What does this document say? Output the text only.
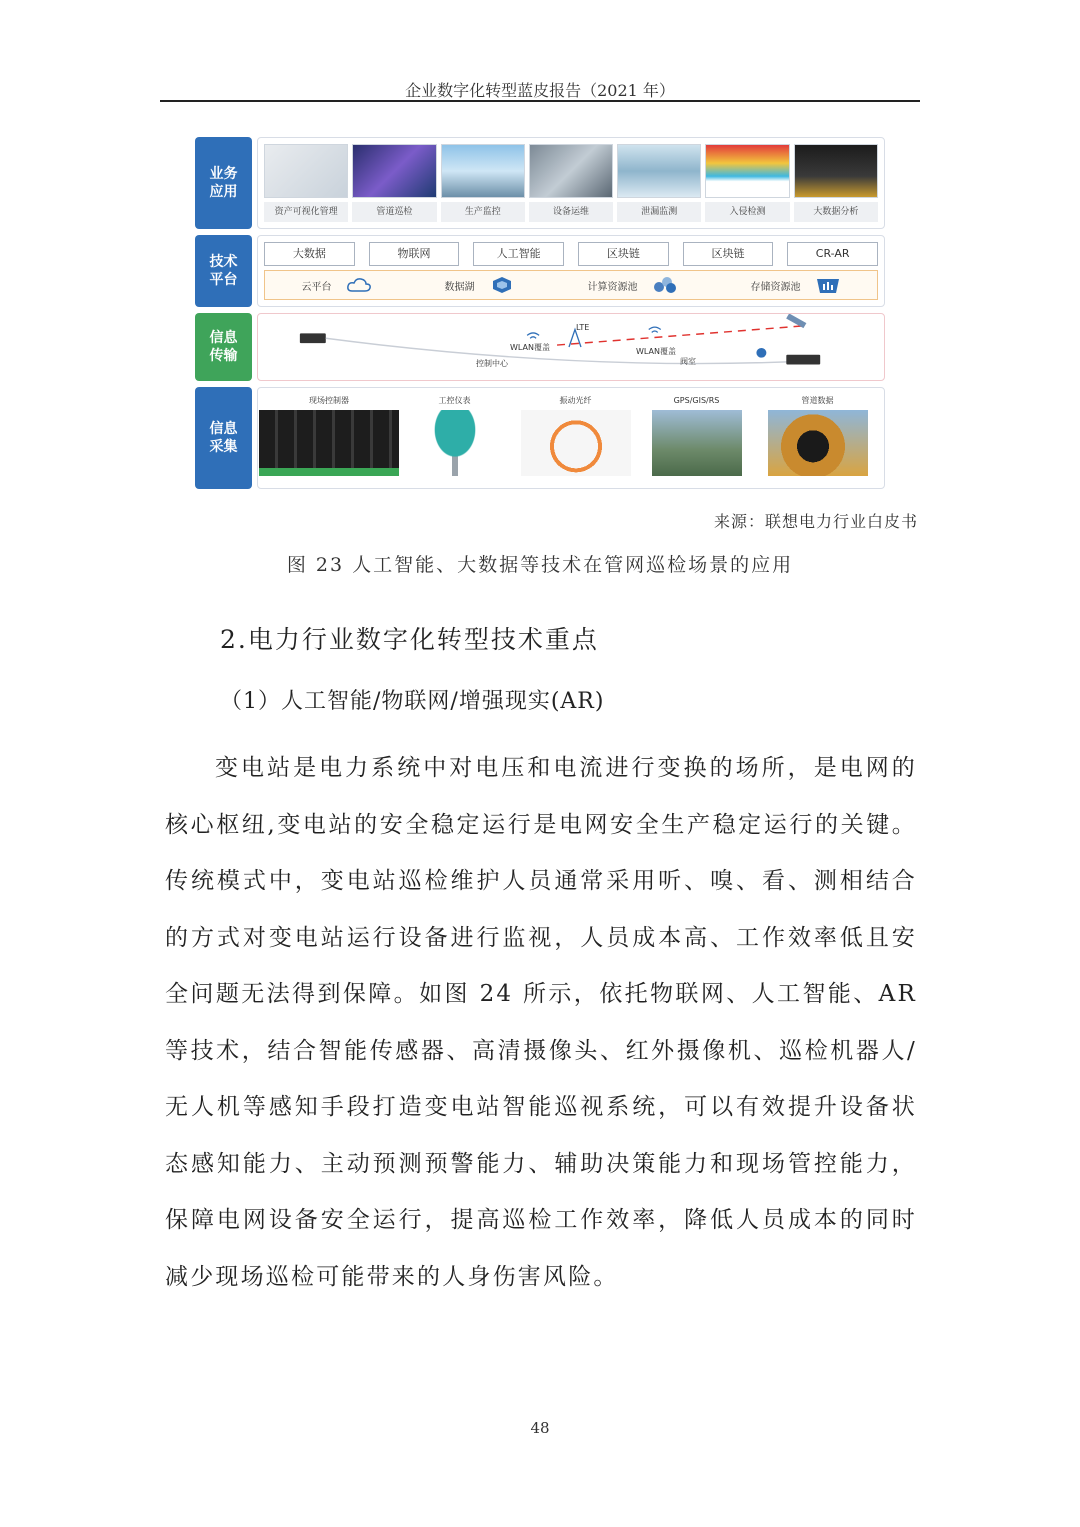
企业数字化转型蓝皮报告（2021 年）
业务应用
资产可视化管理	管道巡检	生产监控	设备运维	泄漏监测	入侵检测	大数据分析
技术平台
大数据	物联网	人工智能	区块链	区块链	CR-AR
云平台	数据湖	计算资源池	存储资源池
信息传输
LTE
WLAN覆盖	WLAN覆盖
控制中心	阀室
信息采集
现场控制器	工控仪表	振动光纤	GPS/GIS/RS	管道数据
来源：联想电力行业白皮书
图 23 人工智能、大数据等技术在管网巡检场景的应用
2.电力行业数字化转型技术重点
（1）人工智能/物联网/增强现实(AR)
变电站是电力系统中对电压和电流进行变换的场所，是电网的核心枢纽,变电站的安全稳定运行是电网安全生产稳定运行的关键。传统模式中，变电站巡检维护人员通常采用听、嗅、看、测相结合的方式对变电站运行设备进行监视，人员成本高、工作效率低且安全问题无法得到保障。如图 24 所示，依托物联网、人工智能、AR 等技术，结合智能传感器、高清摄像头、红外摄像机、巡检机器人/无人机等感知手段打造变电站智能巡视系统，可以有效提升设备状态感知能力、主动预测预警能力、辅助决策能力和现场管控能力，保障电网设备安全运行，提高巡检工作效率，降低人员成本的同时减少现场巡检可能带来的人身伤害风险。
48
